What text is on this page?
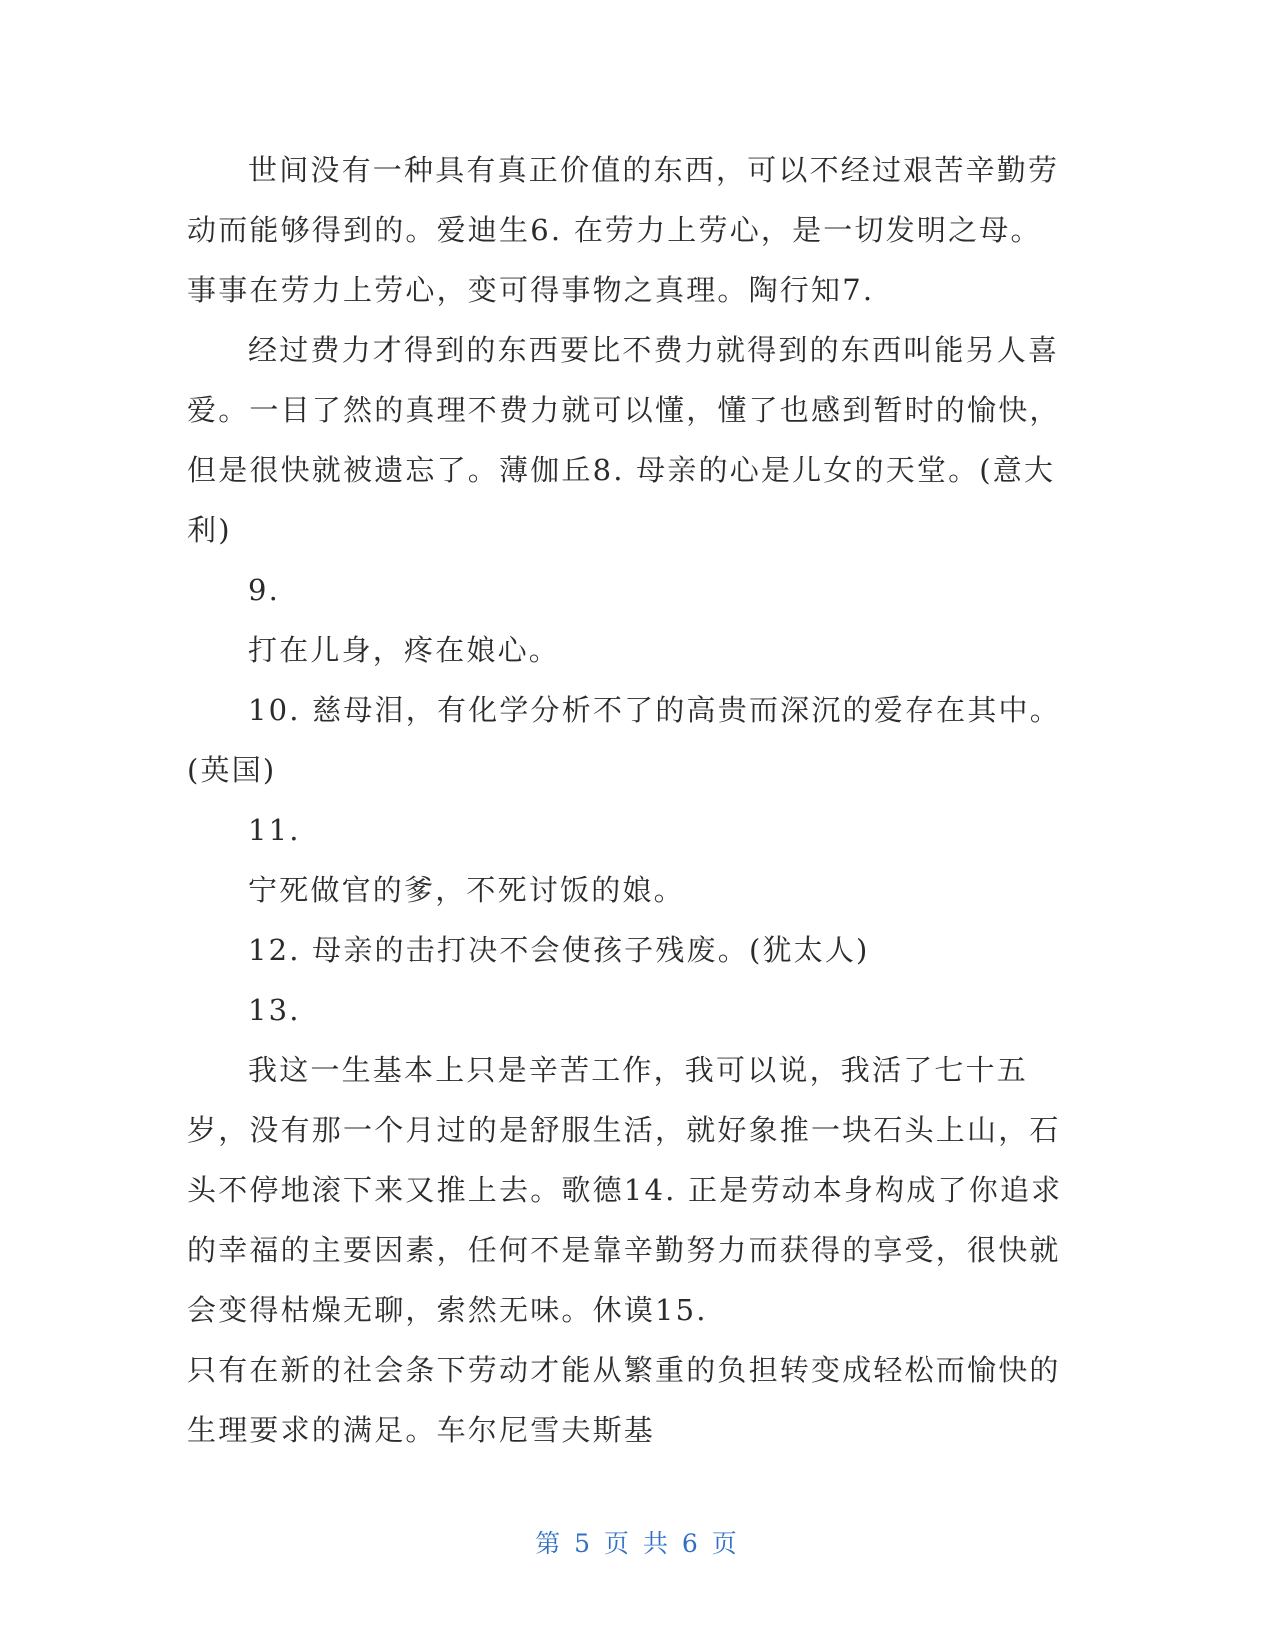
世间没有一种具有真正价值的东西，可以不经过艰苦辛勤劳动而能够得到的。爱迪生6. 在劳力上劳心，是一切发明之母。事事在劳力上劳心，变可得事物之真理。陶行知7.

经过费力才得到的东西要比不费力就得到的东西叫能另人喜爱。一目了然的真理不费力就可以懂，懂了也感到暂时的愉快，但是很快就被遗忘了。薄伽丘8. 母亲的心是儿女的天堂。(意大利)

9.

打在儿身，疼在娘心。

10. 慈母泪，有化学分析不了的高贵而深沉的爱存在其中。(英国)

11.

宁死做官的爹，不死讨饭的娘。

12. 母亲的击打决不会使孩子残废。(犹太人)

13.

我这一生基本上只是辛苦工作，我可以说，我活了七十五岁，没有那一个月过的是舒服生活，就好象推一块石头上山，石头不停地滚下来又推上去。歌德14. 正是劳动本身构成了你追求的幸福的主要因素，任何不是靠辛勤努力而获得的享受，很快就会变得枯燥无聊，索然无味。休谟15.

只有在新的社会条下劳动才能从繁重的负担转变成轻松而愉快的生理要求的满足。车尔尼雪夫斯基

第 5 页 共 6 页
